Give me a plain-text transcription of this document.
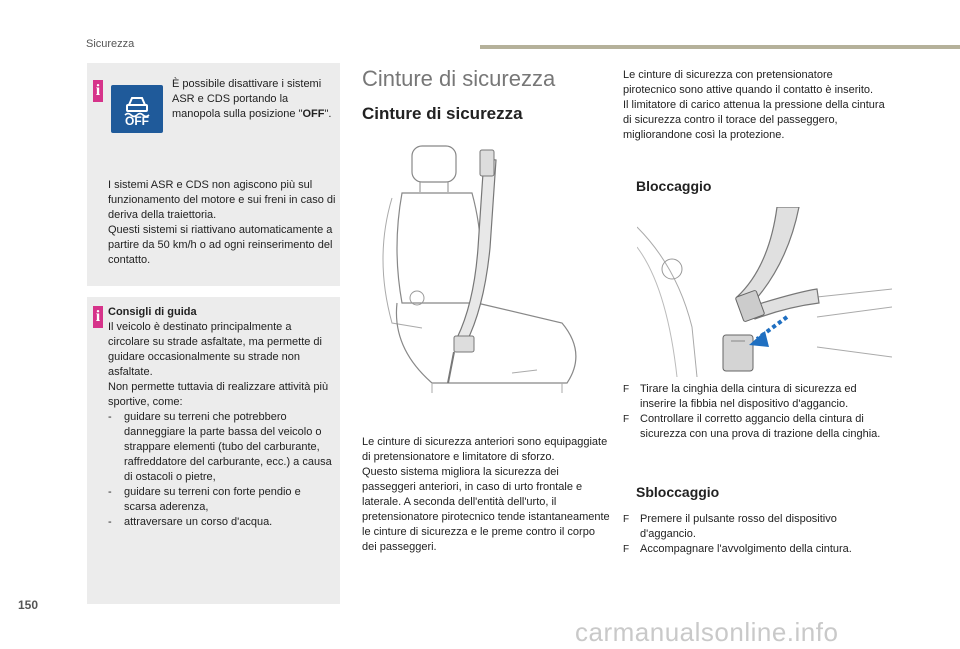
Sicurezza
i
OFF
È possibile disattivare i sistemi ASR e CDS portando la manopola sulla posizione "OFF".
I sistemi ASR e CDS non agiscono più sul funzionamento del motore e sui freni in caso di deriva della traiettoria.
Questi sistemi si riattivano automaticamente a partire da 50 km/h o ad ogni reinserimento del contatto.
i Consigli di guida
Il veicolo è destinato principalmente a circolare su strade asfaltate, ma permette di guidare occasionalmente su strade non asfaltate.
Non permette tuttavia di realizzare attività più sportive, come:
- guidare su terreni che potrebbero danneggiare la parte bassa del veicolo o strappare elementi (tubo del carburante, raffreddatore del carburante, ecc.) a causa di ostacoli o pietre,
- guidare su terreni con forte pendio e scarsa aderenza,
- attraversare un corso d'acqua.
Cinture di sicurezza
Cinture di sicurezza
Le cinture di sicurezza anteriori sono equipaggiate di pretensionatore e limitatore di sforzo.
Questo sistema migliora la sicurezza dei passeggeri anteriori, in caso di urto frontale e laterale. A seconda dell'entità dell'urto, il pretensionatore pirotecnico tende istantaneamente le cinture di sicurezza e le preme contro il corpo dei passeggeri.
Le cinture di sicurezza con pretensionatore pirotecnico sono attive quando il contatto è inserito.
Il limitatore di carico attenua la pressione della cintura di sicurezza contro il torace del passeggero, migliorandone così la protezione.
Bloccaggio
F Tirare la cinghia della cintura di sicurezza ed inserire la fibbia nel dispositivo d'aggancio.
F Controllare il corretto aggancio della cintura di sicurezza con una prova di trazione della cinghia.
Sbloccaggio
F Premere il pulsante rosso del dispositivo d'aggancio.
F Accompagnare l'avvolgimento della cintura.
150
carmanualsonline.info
